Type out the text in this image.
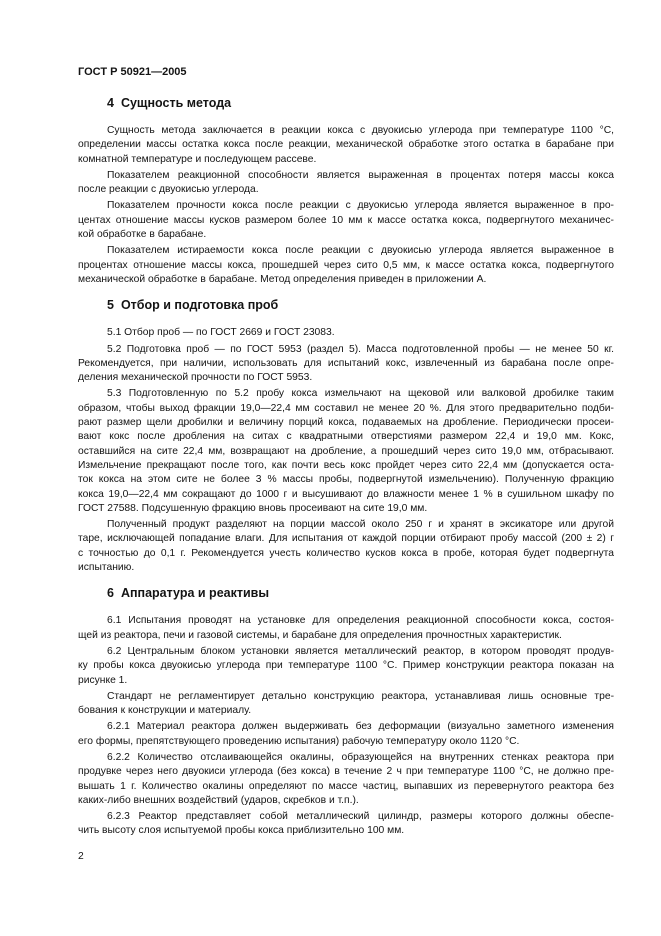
ГОСТ Р 50921—2005
4 Сущность метода
Сущность метода заключается в реакции кокса с двуокисью углерода при температуре 1100 °С,
определении массы остатка кокса после реакции, механической обработке этого остатка в барабане при
комнатной температуре и последующем рассеве.
Показателем реакционной способности является выраженная в процентах потеря массы кокса
после реакции с двуокисью углерода.
Показателем прочности кокса после реакции с двуокисью углерода является выраженное в про-
центах отношение массы кусков размером более 10 мм к массе остатка кокса, подвергнутого механичес-
кой обработке в барабане.
Показателем истираемости кокса после реакции с двуокисью углерода является выраженное в
процентах отношение массы кокса, прошедшей через сито 0,5 мм, к массе остатка кокса, подвергнутого
механической обработке в барабане. Метод определения приведен в приложении А.
5 Отбор и подготовка проб
5.1 Отбор проб — по ГОСТ 2669 и ГОСТ 23083.
5.2 Подготовка проб — по ГОСТ 5953 (раздел 5). Масса подготовленной пробы — не менее 50 кг.
Рекомендуется, при наличии, использовать для испытаний кокс, извлеченный из барабана после опре-
деления механической прочности по ГОСТ 5953.
5.3 Подготовленную по 5.2 пробу кокса измельчают на щековой или валковой дробилке таким
образом, чтобы выход фракции 19,0—22,4 мм составил не менее 20 %. Для этого предварительно подби-
рают размер щели дробилки и величину порций кокса, подаваемых на дробление. Периодически просеи-
вают кокс после дробления на ситах с квадратными отверстиями размером 22,4 и 19,0 мм. Кокс,
оставшийся на сите 22,4 мм, возвращают на дробление, а прошедший через сито 19,0 мм, отбрасывают.
Измельчение прекращают после того, как почти весь кокс пройдет через сито 22,4 мм (допускается оста-
ток кокса на этом сите не более 3 % массы пробы, подвергнутой измельчению). Полученную фракцию
кокса 19,0—22,4 мм сокращают до 1000 г и высушивают до влажности менее 1 % в сушильном шкафу по
ГОСТ 27588. Подсушенную фракцию вновь просеивают на сите 19,0 мм.
Полученный продукт разделяют на порции массой около 250 г и хранят в эксикаторе или другой
таре, исключающей попадание влаги. Для испытания от каждой порции отбирают пробу массой (200 ± 2) г
с точностью до 0,1 г. Рекомендуется учесть количество кусков кокса в пробе, которая будет подвергнута
испытанию.
6 Аппаратура и реактивы
6.1 Испытания проводят на установке для определения реакционной способности кокса, состоя-
щей из реактора, печи и газовой системы, и барабане для определения прочностных характеристик.
6.2 Центральным блоком установки является металлический реактор, в котором проводят продув-
ку пробы кокса двуокисью углерода при температуре 1100 °С. Пример конструкции реактора показан на
рисунке 1.
Стандарт не регламентирует детально конструкцию реактора, устанавливая лишь основные тре-
бования к конструкции и материалу.
6.2.1 Материал реактора должен выдерживать без деформации (визуально заметного изменения
его формы, препятствующего проведению испытания) рабочую температуру около 1120 °С.
6.2.2 Количество отслаивающейся окалины, образующейся на внутренних стенках реактора при
продувке через него двуокиси углерода (без кокса) в течение 2 ч при температуре 1100 °С, не должно пре-
вышать 1 г. Количество окалины определяют по массе частиц, выпавших из перевернутого реактора без
каких-либо внешних воздействий (ударов, скребков и т.п.).
6.2.3 Реактор представляет собой металлический цилиндр, размеры которого должны обеспе-
чить высоту слоя испытуемой пробы кокса приблизительно 100 мм.
2
